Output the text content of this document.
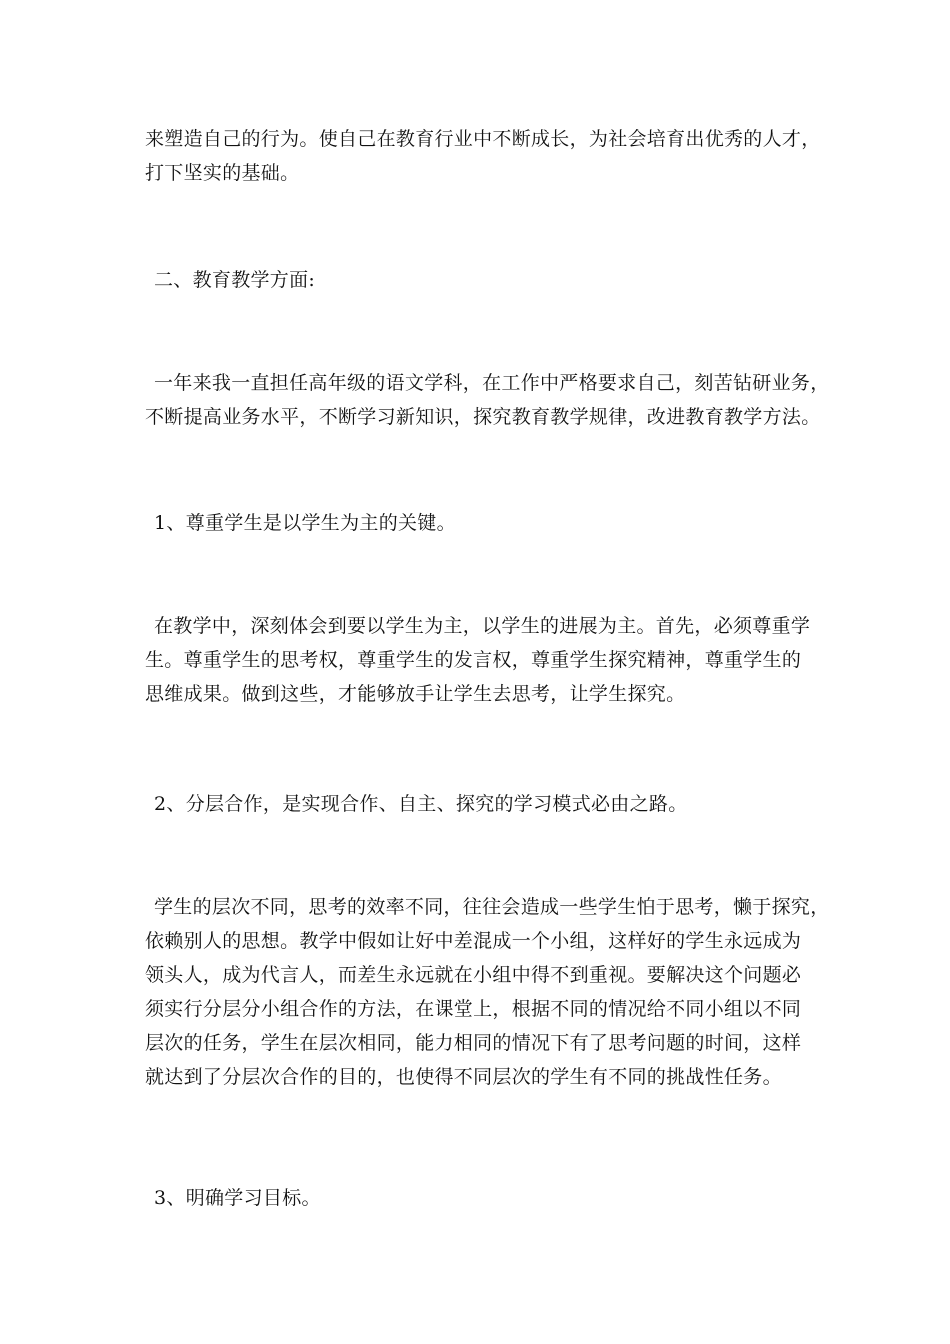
来塑造自己的行为。使自己在教育行业中不断成长，为社会培育出优秀的人才，
打下坚实的基础。

二、教育教学方面:

一年来我一直担任高年级的语文学科，在工作中严格要求自己，刻苦钻研业务，
不断提高业务水平，不断学习新知识，探究教育教学规律，改进教育教学方法。

1、尊重学生是以学生为主的关键。

在教学中，深刻体会到要以学生为主，以学生的进展为主。首先，必须尊重学
生。尊重学生的思考权，尊重学生的发言权，尊重学生探究精神，尊重学生的
思维成果。做到这些，才能够放手让学生去思考，让学生探究。

2、分层合作，是实现合作、自主、探究的学习模式必由之路。

学生的层次不同，思考的效率不同，往往会造成一些学生怕于思考，懒于探究，
依赖别人的思想。教学中假如让好中差混成一个小组，这样好的学生永远成为
领头人，成为代言人，而差生永远就在小组中得不到重视。要解决这个问题必
须实行分层分小组合作的方法，在课堂上，根据不同的情况给不同小组以不同
层次的任务，学生在层次相同，能力相同的情况下有了思考问题的时间，这样
就达到了分层次合作的目的，也使得不同层次的学生有不同的挑战性任务。

3、明确学习目标。
